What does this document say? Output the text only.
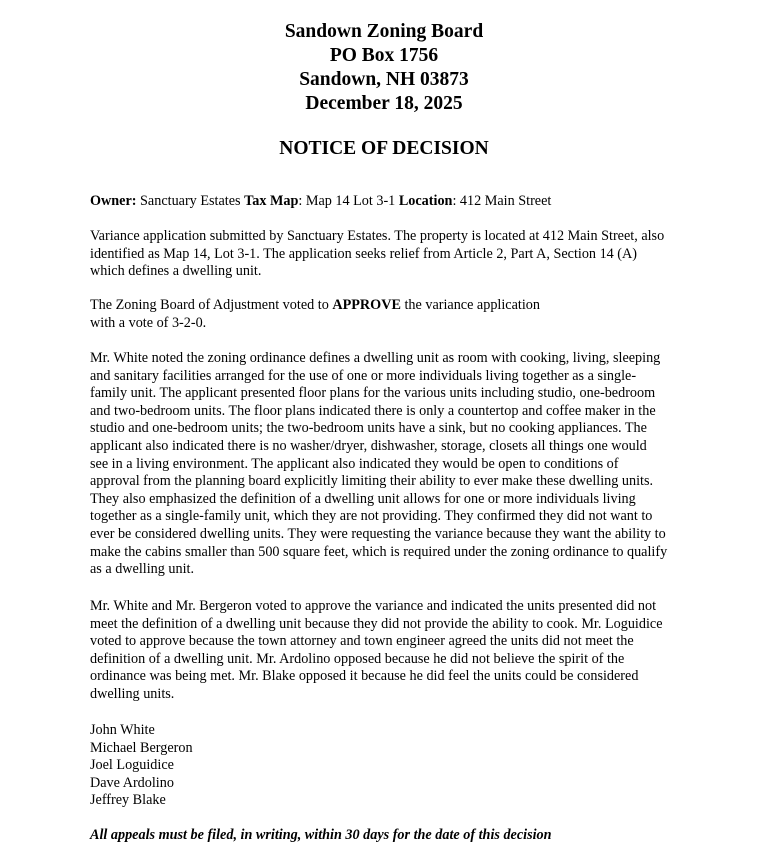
Sandown Zoning Board
PO Box 1756
Sandown, NH 03873
December 18, 2025
NOTICE OF DECISION
Owner: Sanctuary Estates Tax Map: Map 14 Lot 3-1 Location: 412 Main Street
Variance application submitted by Sanctuary Estates. The property is located at 412 Main Street, also
identified as Map 14, Lot 3-1. The application seeks relief from Article 2, Part A, Section 14 (A)
which defines a dwelling unit.
The Zoning Board of Adjustment voted to APPROVE the variance application
with a vote of 3-2-0.
Mr. White noted the zoning ordinance defines a dwelling unit as room with cooking, living, sleeping
and sanitary facilities arranged for the use of one or more individuals living together as a single-
family unit. The applicant presented floor plans for the various units including studio, one-bedroom
and two-bedroom units. The floor plans indicated there is only a countertop and coffee maker in the
studio and one-bedroom units; the two-bedroom units have a sink, but no cooking appliances. The
applicant also indicated there is no washer/dryer, dishwasher, storage, closets all things one would
see in a living environment. The applicant also indicated they would be open to conditions of
approval from the planning board explicitly limiting their ability to ever make these dwelling units.
They also emphasized the definition of a dwelling unit allows for one or more individuals living
together as a single-family unit, which they are not providing. They confirmed they did not want to
ever be considered dwelling units. They were requesting the variance because they want the ability to
make the cabins smaller than 500 square feet, which is required under the zoning ordinance to qualify
as a dwelling unit.
Mr. White and Mr. Bergeron voted to approve the variance and indicated the units presented did not
meet the definition of a dwelling unit because they did not provide the ability to cook. Mr. Loguidice
voted to approve because the town attorney and town engineer agreed the units did not meet the
definition of a dwelling unit. Mr. Ardolino opposed because he did not believe the spirit of the
ordinance was being met. Mr. Blake opposed it because he did feel the units could be considered
dwelling units.
John White
Michael Bergeron
Joel Loguidice
Dave Ardolino
Jeffrey Blake
All appeals must be filed, in writing, within 30 days for the date of this decision
